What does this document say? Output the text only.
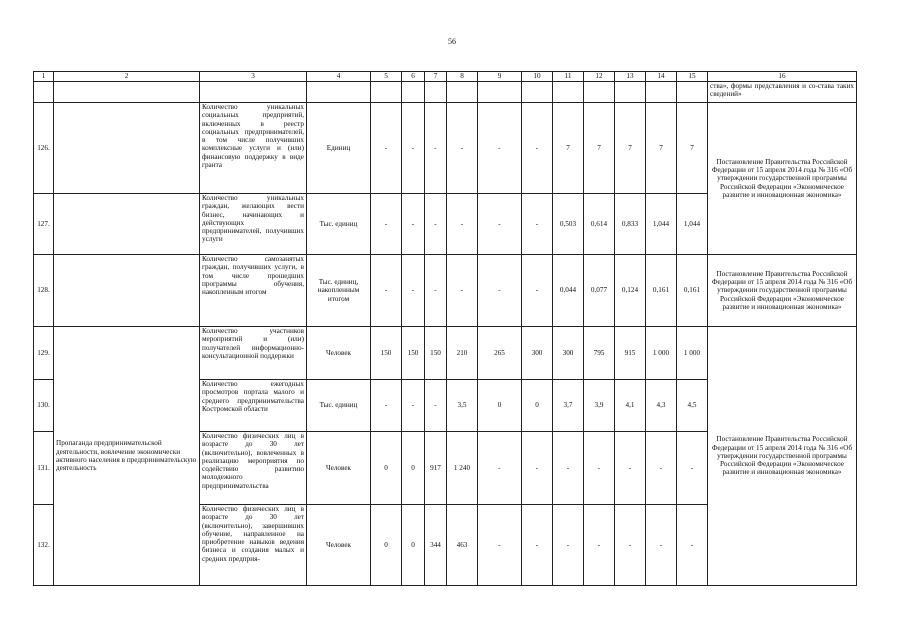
56
1	2	3	4	5	6	7	8	9	10	11	12	13	14	15	16
															ства», формы представления и со-става таких сведений»
126.		Количество уникальных социальных предприятий, включенных в реестр социальных предпринимателей, в том числе получивших комплексные услуги и (или) финансовую поддержку в виде гранта	Единиц	-	-	-	-	-	-	7	7	7	7	7	Постановление Правительства Российской Федерации от 15 апреля 2014 года № 316 «Об утверждении государственной программы Российской Федерации «Экономическое развитие и инновационная экономика»
127.		Количество уникальных граждан, желающих вести бизнес, начинающих и действующих предпринимателей, получивших услуги	Тыс. единиц	-	-	-	-	-	-	0,503	0,614	0,833	1,044	1,044	
128.		Количество самозанятых граждан, получивших услуги, в том числе прошедших программы обучения, накопленным итогом	Тыс. единиц, накопленным итогом	-	-	-	-	-	-	0,044	0,077	0,124	0,161	0,161	Постановление Правительства Российской Федерации от 15 апреля 2014 года № 316 «Об утверждении государственной программы Российской Федерации «Экономическое развитие и инновационная экономика»
129.	Пропаганда предпринимательской деятельности, вовлечение экономически активного населения в предпринимательскую деятельность	Количество участников мероприятий и (или) получателей информационно-консультационной поддержки	Человек	150	150	150	210	265	300	300	795	915	1 000	1 000	Постановление Правительства Российской Федерации от 15 апреля 2014 года № 316 «Об утверждении государственной программы Российской Федерации «Экономическое развитие и инновационная экономика»
130.		Количество ежегодных просмотров портала малого и среднего предпринимательства Костромской области	Тыс. единиц	-	-	-	3,5	0	0	3,7	3,9	4,1	4,3	4,5	
131.		Количество физических лиц в возрасте до 30 лет (включительно), вовлеченных в реализацию мероприятия по содействию развитию молодежного предпринимательства	Человек	0	0	917	1 240	-	-	-	-	-	-	-	
132.		Количество физических лиц в возрасте до 30 лет (включительно), завершивших обучение, направленное на приобретение навыков ведения бизнеса и создания малых и средних предприя-	Человек	0	0	344	463	-	-	-	-	-	-	-	
